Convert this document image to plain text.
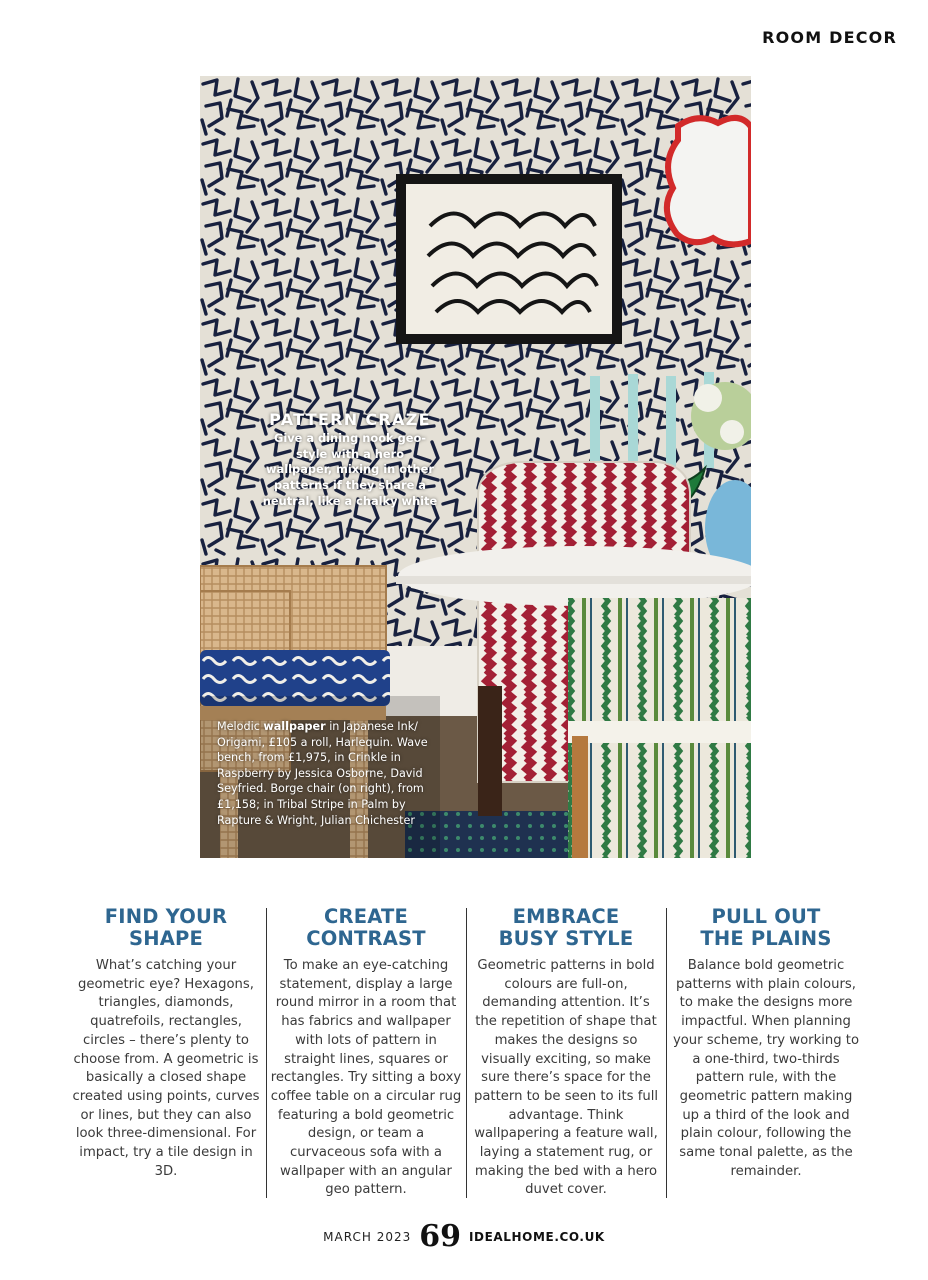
ROOM DECOR
PATTERN CRAZE
Give a dining nook geo-style with a hero wallpaper, mixing in other patterns if they share a neutral, like a chalky white
Melodic wallpaper in Japanese Ink/ Origami, £105 a roll, Harlequin. Wave bench, from £1,975, in Crinkle in Raspberry by Jessica Osborne, David Seyfried. Borge chair (on right), from £1,158; in Tribal Stripe in Palm by Rapture & Wright, Julian Chichester
FIND YOUR
SHAPE
What’s catching your geometric eye? Hexagons, triangles, diamonds, quatrefoils, rectangles, circles – there’s plenty to choose from. A geometric is basically a closed shape created using points, curves or lines, but they can also look three-dimensional. For impact, try a tile design in 3D.
CREATE
CONTRAST
To make an eye-catching statement, display a large round mirror in a room that has fabrics and wallpaper with lots of pattern in straight lines, squares or rectangles. Try sitting a boxy coffee table on a circular rug featuring a bold geometric design, or team a curvaceous sofa with a wallpaper with an angular geo pattern.
EMBRACE
BUSY STYLE
Geometric patterns in bold colours are full-on, demanding attention. It’s the repetition of shape that makes the designs so visually exciting, so make sure there’s space for the pattern to be seen to its full advantage. Think wallpapering a feature wall, laying a statement rug, or making the bed with a hero duvet cover.
PULL OUT
THE PLAINS
Balance bold geometric patterns with plain colours, to make the designs more impactful. When planning your scheme, try working to a one-third, two-thirds pattern rule, with the geometric pattern making up a third of the look and plain colour, following the same tonal palette, as the remainder.
MARCH 2023 69 IDEALHOME.CO.UK
